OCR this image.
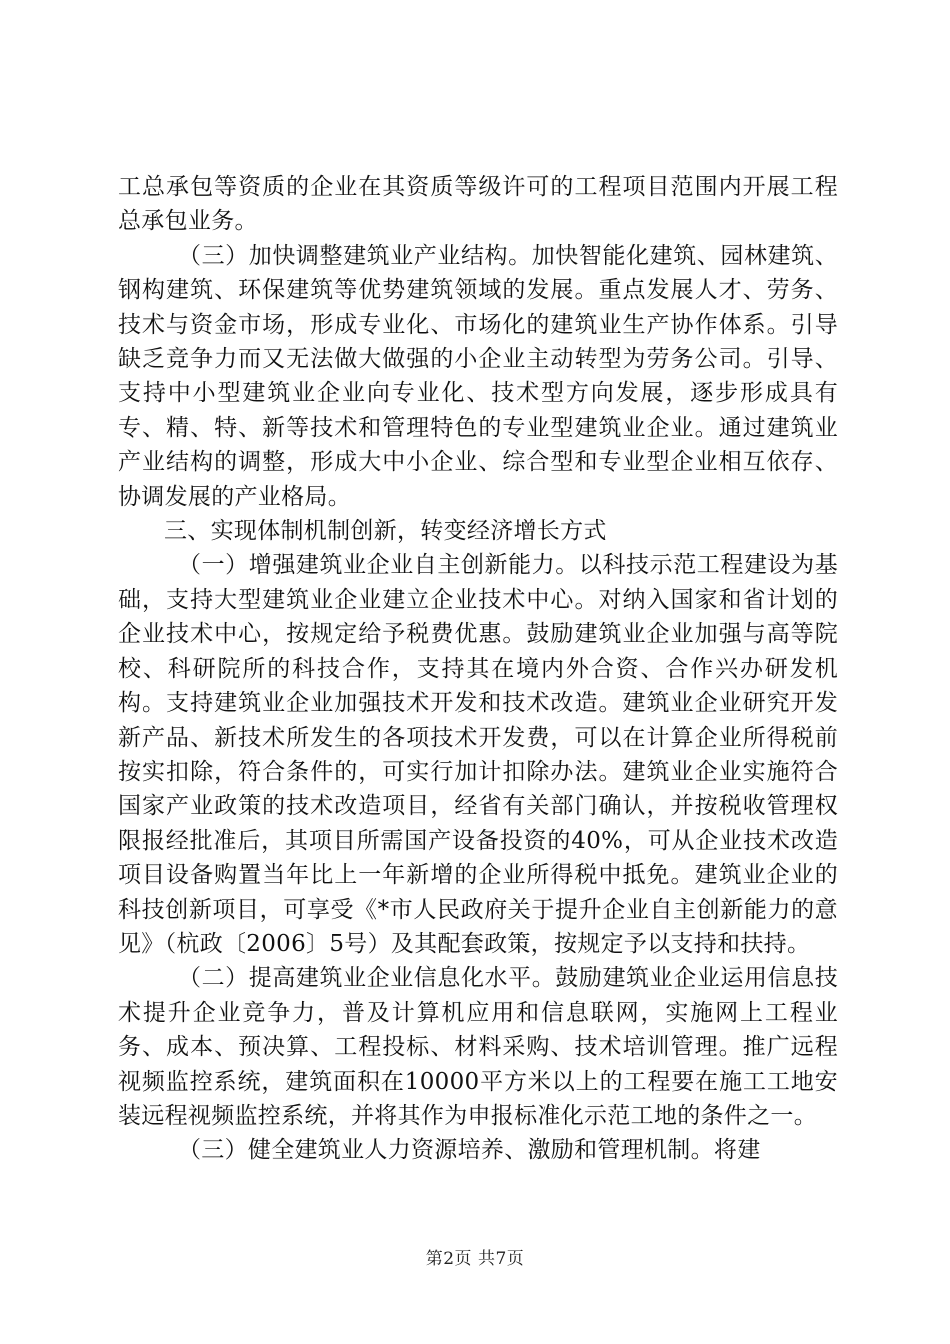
工总承包等资质的企业在其资质等级许可的工程项目范围内开展工程总承包业务。

（三）加快调整建筑业产业结构。加快智能化建筑、园林建筑、钢构建筑、环保建筑等优势建筑领域的发展。重点发展人才、劳务、技术与资金市场，形成专业化、市场化的建筑业生产协作体系。引导缺乏竞争力而又无法做大做强的小企业主动转型为劳务公司。引导、支持中小型建筑业企业向专业化、技术型方向发展，逐步形成具有专、精、特、新等技术和管理特色的专业型建筑业企业。通过建筑业产业结构的调整，形成大中小企业、综合型和专业型企业相互依存、协调发展的产业格局。

三、实现体制机制创新，转变经济增长方式

（一）增强建筑业企业自主创新能力。以科技示范工程建设为基础，支持大型建筑业企业建立企业技术中心。对纳入国家和省计划的企业技术中心，按规定给予税费优惠。鼓励建筑业企业加强与高等院校、科研院所的科技合作，支持其在境内外合资、合作兴办研发机构。支持建筑业企业加强技术开发和技术改造。建筑业企业研究开发新产品、新技术所发生的各项技术开发费，可以在计算企业所得税前按实扣除，符合条件的，可实行加计扣除办法。建筑业企业实施符合国家产业政策的技术改造项目，经省有关部门确认，并按税收管理权限报经批准后，其项目所需国产设备投资的40%，可从企业技术改造项目设备购置当年比上一年新增的企业所得税中抵免。建筑业企业的科技创新项目，可享受《*市人民政府关于提升企业自主创新能力的意见》（杭政〔2006〕5号）及其配套政策，按规定予以支持和扶持。

（二）提高建筑业企业信息化水平。鼓励建筑业企业运用信息技术提升企业竞争力，普及计算机应用和信息联网，实施网上工程业务、成本、预决算、工程投标、材料采购、技术培训管理。推广远程视频监控系统，建筑面积在10000平方米以上的工程要在施工工地安装远程视频监控系统，并将其作为申报标准化示范工地的条件之一。

（三）健全建筑业人力资源培养、激励和管理机制。将建

第2页 共7页
